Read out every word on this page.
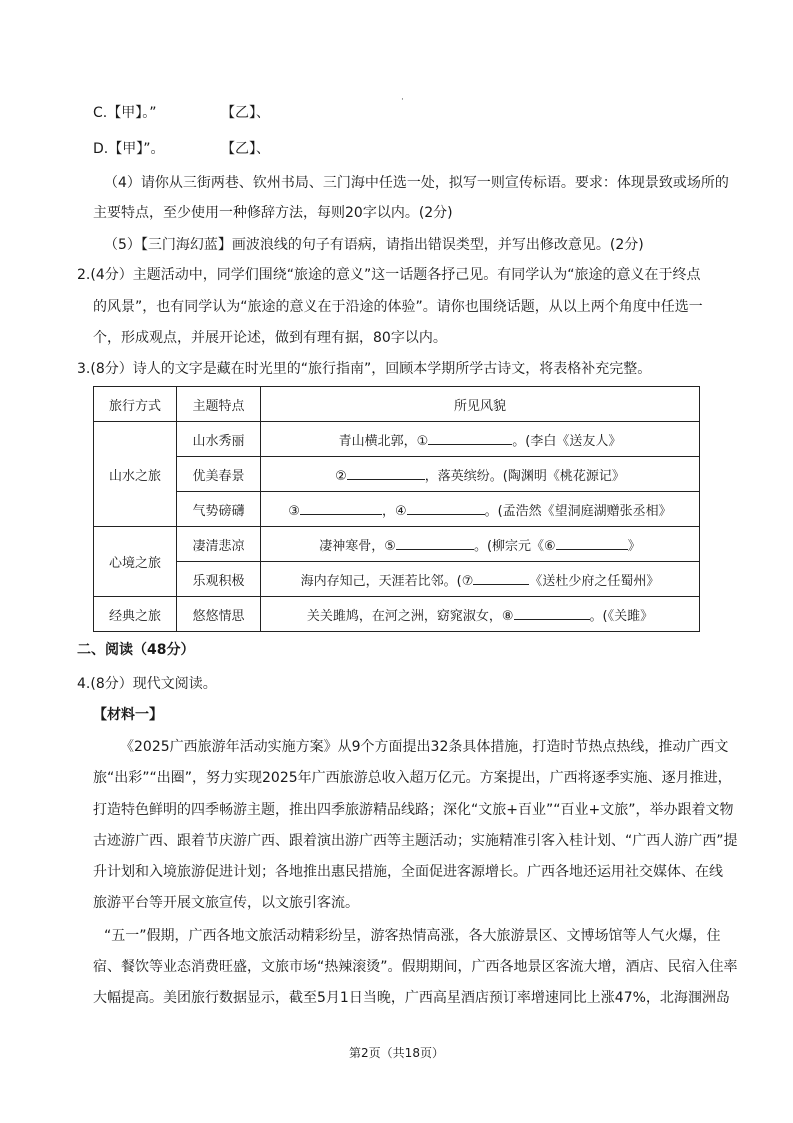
·
C.【甲】。”	【乙】、
D.【甲】”。	【乙】、
（4）请你从三街两巷、钦州书局、三门海中任选一处，拟写一则宣传标语。要求：体现景致或场所的
主要特点，至少使用一种修辞方法，每则20字以内。(2分)
（5）【三门海幻蓝】画波浪线的句子有语病，请指出错误类型，并写出修改意见。(2分)
2.(4分）主题活动中，同学们围绕“旅途的意义”这一话题各抒己见。有同学认为“旅途的意义在于终点
的风景”，也有同学认为“旅途的意义在于沿途的体验”。请你也围绕话题，从以上两个角度中任选一
个，形成观点，并展开论述，做到有理有据，80字以内。
3.(8分）诗人的文字是藏在时光里的“旅行指南”，回顾本学期所学古诗文，将表格补充完整。
旅行方式	主题特点	所见风貌
山水之旅	山水秀丽	青山横北郭，① 。(李白《送友人》
	优美春景	② ，落英缤纷。(陶渊明《桃花源记》
	气势磅礴	③ ，④ 。(孟浩然《望洞庭湖赠张丞相》
心境之旅	凄清悲凉	凄神寒骨，⑤ 。(柳宗元《⑥ 》
	乐观积极	海内存知己，天涯若比邻。(⑦ 《送杜少府之任蜀州》
经典之旅	悠悠情思	关关雎鸠，在河之洲，窈窕淑女，⑧ 。(《关雎》
二、阅读（48分）
4.(8分）现代文阅读。
【材料一】
《2025广西旅游年活动实施方案》从9个方面提出32条具体措施，打造时节热点热线，推动广西文
旅“出彩”“出圈”，努力实现2025年广西旅游总收入超万亿元。方案提出，广西将逐季实施、逐月推进，
打造特色鲜明的四季畅游主题，推出四季旅游精品线路；深化“文旅+百业”“百业+文旅”，举办跟着文物
古迹游广西、跟着节庆游广西、跟着演出游广西等主题活动；实施精准引客入桂计划、“广西人游广西”提
升计划和入境旅游促进计划；各地推出惠民措施，全面促进客源增长。广西各地还运用社交媒体、在线
旅游平台等开展文旅宣传，以文旅引客流。
“五一”假期，广西各地文旅活动精彩纷呈，游客热情高涨，各大旅游景区、文博场馆等人气火爆，住
宿、餐饮等业态消费旺盛，文旅市场“热辣滚烫”。假期期间，广西各地景区客流大增，酒店、民宿入住率
大幅提高。美团旅行数据显示，截至5月1日当晚，广西高星酒店预订率增速同比上涨47%，北海涠洲岛
第2页（共18页）
